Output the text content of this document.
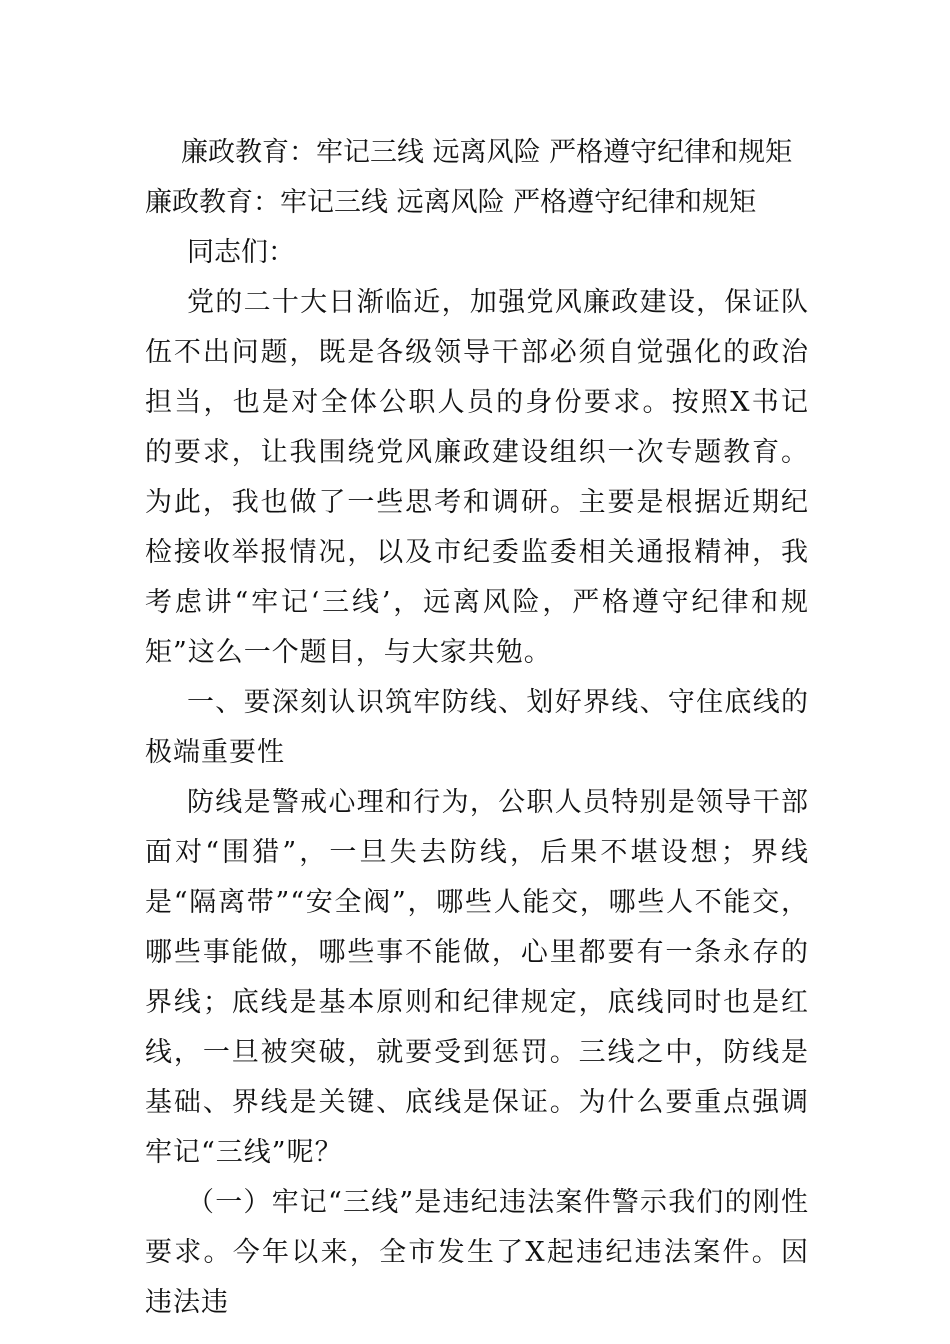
廉政教育：牢记三线 远离风险 严格遵守纪律和规矩
廉政教育：牢记三线 远离风险 严格遵守纪律和规矩

同志们：

党的二十大日渐临近，加强党风廉政建设，保证队伍不出问题，既是各级领导干部必须自觉强化的政治担当，也是对全体公职人员的身份要求。按照X书记的要求，让我围绕党风廉政建设组织一次专题教育。为此，我也做了一些思考和调研。主要是根据近期纪检接收举报情况，以及市纪委监委相关通报精神，我考虑讲“牢记‘三线’，远离风险，严格遵守纪律和规矩”这么一个题目，与大家共勉。

一、要深刻认识筑牢防线、划好界线、守住底线的极端重要性

防线是警戒心理和行为，公职人员特别是领导干部面对“围猎”，一旦失去防线，后果不堪设想；界线是“隔离带”“安全阀”，哪些人能交，哪些人不能交，哪些事能做，哪些事不能做，心里都要有一条永存的界线；底线是基本原则和纪律规定，底线同时也是红线，一旦被突破，就要受到惩罚。三线之中，防线是基础、界线是关键、底线是保证。为什么要重点强调牢记“三线”呢？

（一）牢记“三线”是违纪违法案件警示我们的刚性要求。今年以来，全市发生了X起违纪违法案件。因违法违
